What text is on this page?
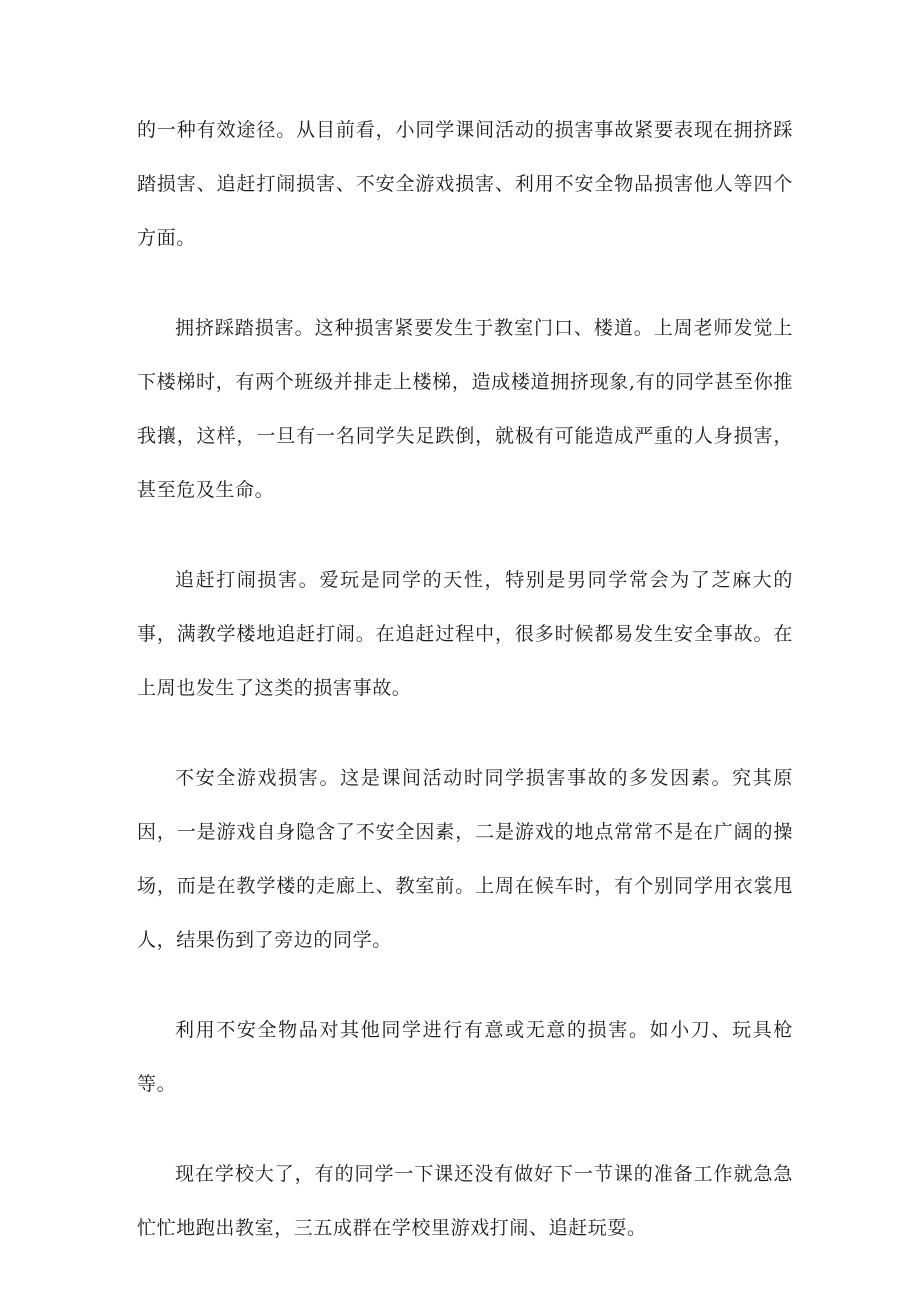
的一种有效途径。从目前看，小同学课间活动的损害事故紧要表现在拥挤踩踏损害、追赶打闹损害、不安全游戏损害、利用不安全物品损害他人等四个方面。

拥挤踩踏损害。这种损害紧要发生于教室门口、楼道。上周老师发觉上下楼梯时，有两个班级并排走上楼梯，造成楼道拥挤现象,有的同学甚至你推我攘，这样，一旦有一名同学失足跌倒，就极有可能造成严重的人身损害，甚至危及生命。

追赶打闹损害。爱玩是同学的天性，特别是男同学常会为了芝麻大的事，满教学楼地追赶打闹。在追赶过程中，很多时候都易发生安全事故。在上周也发生了这类的损害事故。

不安全游戏损害。这是课间活动时同学损害事故的多发因素。究其原因，一是游戏自身隐含了不安全因素，二是游戏的地点常常不是在广阔的操场，而是在教学楼的走廊上、教室前。上周在候车时，有个别同学用衣裳甩人，结果伤到了旁边的同学。

利用不安全物品对其他同学进行有意或无意的损害。如小刀、玩具枪等。

现在学校大了，有的同学一下课还没有做好下一节课的准备工作就急急忙忙地跑出教室，三五成群在学校里游戏打闹、追赶玩耍。
